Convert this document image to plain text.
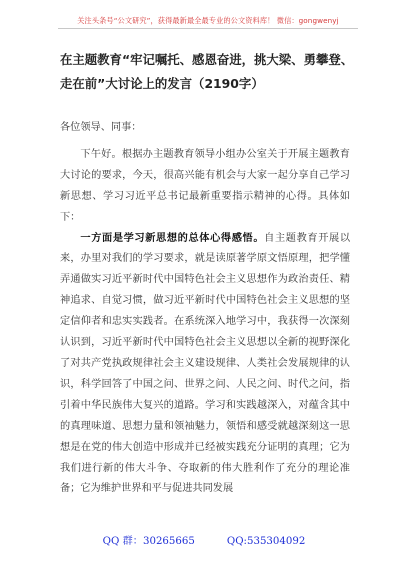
关注头条号“公文研究”，获得最新最全最专业的公文资料库！ 微信：gongwenyj
在主题教育“牢记嘱托、感恩奋进，挑大梁、勇攀登、走在前”大讨论上的发言（2190字）

各位领导、同事：

下午好。根据办主题教育领导小组办公室关于开展主题教育大讨论的要求，今天，很高兴能有机会与大家一起分享自己学习新思想、学习习近平总书记最新重要指示精神的心得。具体如下：

一方面是学习新思想的总体心得感悟。自主题教育开展以来，办里对我们的学习要求，就是读原著学原文悟原理，把学懂弄通做实习近平新时代中国特色社会主义思想作为政治责任、精神追求、自觉习惯，做习近平新时代中国特色社会主义思想的坚定信仰者和忠实实践者。在系统深入地学习中，我获得一次深刻认识到，习近平新时代中国特色社会主义思想以全新的视野深化了对共产党执政规律社会主义建设规律、人类社会发展规律的认识，科学回答了中国之问、世界之问、人民之问、时代之问，指引着中华民族伟大复兴的道路。学习和实践越深入，对蕴含其中的真理味道、思想力量和领袖魅力，领悟和感受就越深刻这一思想是在党的伟大创造中形成并已经被实践充分证明的真理；它为我们进行新的伟大斗争、夺取新的伟大胜利作了充分的理论准备；它为维护世界和平与促进共同发展

QQ 群：30265665	QQ:535304092
